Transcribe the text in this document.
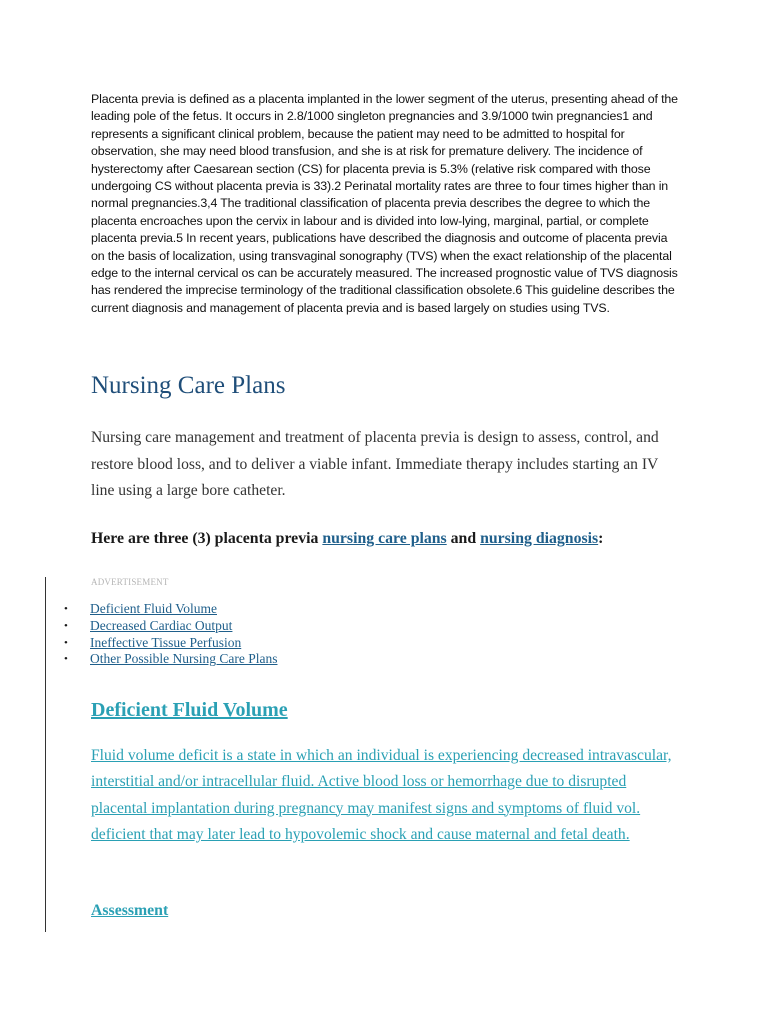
Placenta previa is defined as a placenta implanted in the lower segment of the uterus, presenting ahead of the leading pole of the fetus. It occurs in 2.8/1000 singleton pregnancies and 3.9/1000 twin pregnancies1 and represents a significant clinical problem, because the patient may need to be admitted to hospital for observation, she may need blood transfusion, and she is at risk for premature delivery. The incidence of hysterectomy after Caesarean section (CS) for placenta previa is 5.3% (relative risk compared with those undergoing CS without placenta previa is 33).2 Perinatal mortality rates are three to four times higher than in normal pregnancies.3,4 The traditional classification of placenta previa describes the degree to which the placenta encroaches upon the cervix in labour and is divided into low-lying, marginal, partial, or complete placenta previa.5 In recent years, publications have described the diagnosis and outcome of placenta previa on the basis of localization, using transvaginal sonography (TVS) when the exact relationship of the placental edge to the internal cervical os can be accurately measured. The increased prognostic value of TVS diagnosis has rendered the imprecise terminology of the traditional classification obsolete.6 This guideline describes the current diagnosis and management of placenta previa and is based largely on studies using TVS.

Nursing Care Plans

Nursing care management and treatment of placenta previa is design to assess, control, and restore blood loss, and to deliver a viable infant. Immediate therapy includes starting an IV line using a large bore catheter.

Here are three (3) placenta previa nursing care plans and nursing diagnosis:
ADVERTISEMENT
• Deficient Fluid Volume
• Decreased Cardiac Output
• Ineffective Tissue Perfusion
• Other Possible Nursing Care Plans
Deficient Fluid Volume

Fluid volume deficit is a state in which an individual is experiencing decreased intravascular, interstitial and/or intracellular fluid. Active blood loss or hemorrhage due to disrupted placental implantation during pregnancy may manifest signs and symptoms of fluid vol. deficient that may later lead to hypovolemic shock and cause maternal and fetal death.

Assessment
